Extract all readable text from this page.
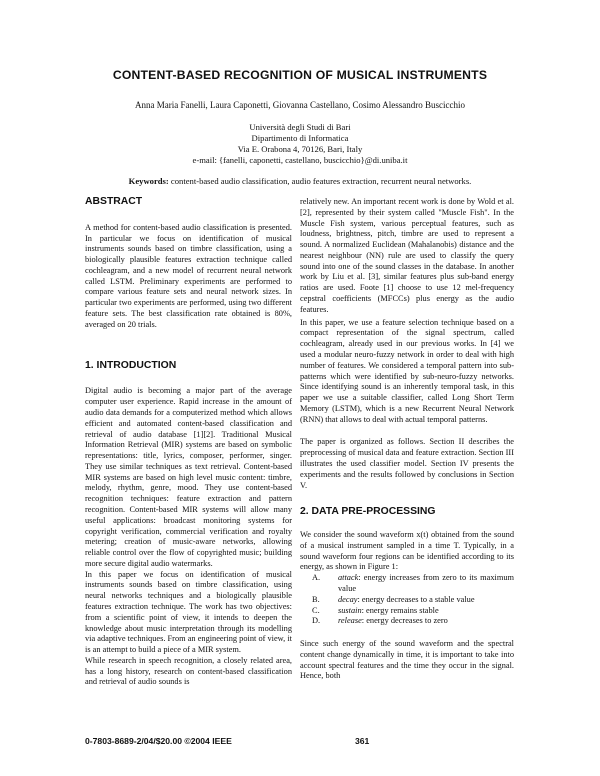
CONTENT-BASED RECOGNITION OF MUSICAL INSTRUMENTS
Anna Maria Fanelli, Laura Caponetti, Giovanna Castellano, Cosimo Alessandro Buscicchio
Università degli Studi di Bari
Dipartimento di Informatica
Via E. Orabona 4, 70126, Bari, Italy
e-mail: {fanelli, caponetti, castellano, buscicchio}@di.uniba.it
Keywords: content-based audio classification, audio features extraction, recurrent neural networks.
ABSTRACT

A method for content-based audio classification is presented. In particular we focus on identification of musical instruments sounds based on timbre classification, using a biologically plausible features extraction technique called cochleagram, and a new model of recurrent neural network called LSTM. Preliminary experiments are performed to compare various feature sets and neural network sizes. In particular two experiments are performed, using two different feature sets. The best classification rate obtained is 80%, averaged on 20 trials.

1. INTRODUCTION

Digital audio is becoming a major part of the average computer user experience. Rapid increase in the amount of audio data demands for a computerized method which allows efficient and automated content-based classification and retrieval of audio database [1][2]. Traditional Musical Information Retrieval (MIR) systems are based on symbolic representations: title, lyrics, composer, performer, singer. They use similar techniques as text retrieval. Content-based MIR systems are based on high level music content: timbre, melody, rhythm, genre, mood. They use content-based recognition techniques: feature extraction and pattern recognition. Content-based MIR systems will allow many useful applications: broadcast monitoring systems for copyright verification, commercial verification and royalty metering; creation of music-aware networks, allowing reliable control over the flow of copyrighted music; building more secure digital audio watermarks.

In this paper we focus on identification of musical instruments sounds based on timbre classification, using neural networks techniques and a biologically plausible features extraction technique. The work has two objectives: from a scientific point of view, it intends to deepen the knowledge about music interpretation through its modelling via adaptive techniques. From an engineering point of view, it is an attempt to build a piece of a MIR system.

While research in speech recognition, a closely related area, has a long history, research on content-based classification and retrieval of audio sounds is

relatively new. An important recent work is done by Wold et al. [2], represented by their system called "Muscle Fish". In the Muscle Fish system, various perceptual features, such as loudness, brightness, pitch, timbre are used to represent a sound. A normalized Euclidean (Mahalanobis) distance and the nearest neighbour (NN) rule are used to classify the query sound into one of the sound classes in the database. In another work by Liu et al. [3], similar features plus sub-band energy ratios are used. Foote [1] choose to use 12 mel-frequency cepstral coefficients (MFCCs) plus energy as the audio features.

In this paper, we use a feature selection technique based on a compact representation of the signal spectrum, called cochleagram, already used in our previous works. In [4] we used a modular neuro-fuzzy network in order to deal with high number of features. We considered a temporal pattern into sub-patterns which were identified by sub-neuro-fuzzy networks. Since identifying sound is an inherently temporal task, in this paper we use a suitable classifier, called Long Short Term Memory (LSTM), which is a new Recurrent Neural Network (RNN) that allows to deal with actual temporal patterns.

The paper is organized as follows. Section II describes the preprocessing of musical data and feature extraction. Section III illustrates the used classifier model. Section IV presents the experiments and the results followed by conclusions in Section V.

2. DATA PRE-PROCESSING

We consider the sound waveform x(t) obtained from the sound of a musical instrument sampled in a time T. Typically, in a sound waveform four regions can be identified according to its energy, as shown in Figure 1:

A.	attack: energy increases from zero to its maximum value
B.	decay: energy decreases to a stable value
C.	sustain: energy remains stable
D.	release: energy decreases to zero

Since such energy of the sound waveform and the spectral content change dynamically in time, it is important to take into account spectral features and the time they occur in the signal. Hence, both

0-7803-8689-2/04/$20.00 ©2004 IEEE	361
